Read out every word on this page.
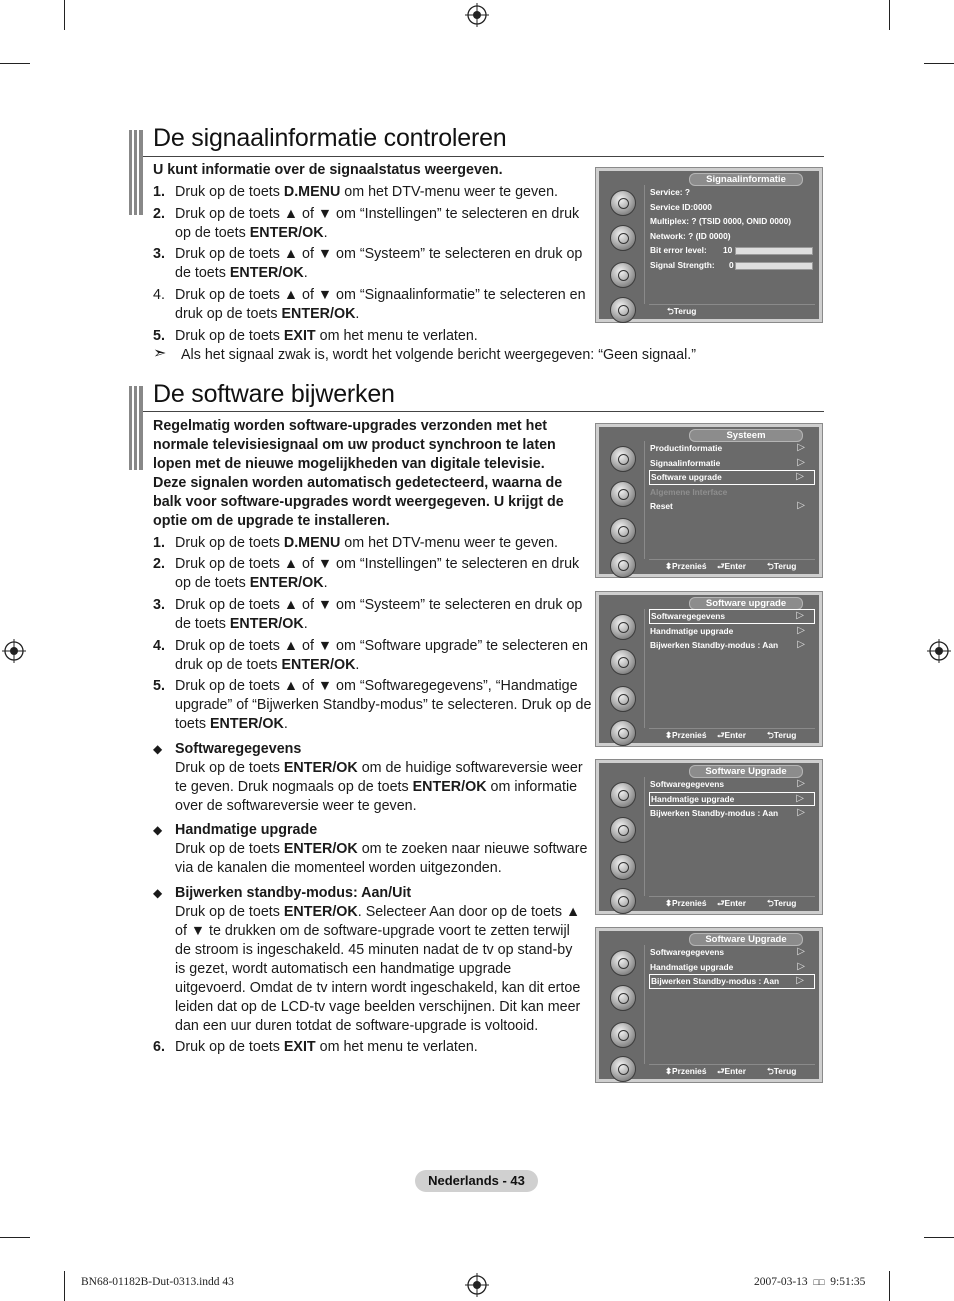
De signaalinformatie controleren

U kunt informatie over de signaalstatus weergeven.

1. Druk op de toets D.MENU om het DTV-menu weer te geven.
2. Druk op de toets ▲ of ▼ om “Instellingen” te selecteren en druk op de toets ENTER/OK.
3. Druk op de toets ▲ of ▼ om “Systeem” te selecteren en druk op de toets ENTER/OK.
4. Druk op de toets ▲ of ▼ om “Signaalinformatie” te selecteren en druk op de toets ENTER/OK.
5. Druk op de toets EXIT om het menu te verlaten.
➣ Als het signaal zwak is, wordt het volgende bericht weergegeven: “Geen signaal.”
Signaalinformatie
Service: ?
Service ID:0000
Multiplex: ? (TSID 0000, ONID 0000)
Network: ? (ID 0000)
Bit error level: 10
Signal Strength: 0
⮌ Terug
De software bijwerken

Regelmatig worden software-upgrades verzonden met het normale televisiesignaal om uw product synchroon te laten lopen met de nieuwe mogelijkheden van digitale televisie. Deze signalen worden automatisch gedetecteerd, waarna de balk voor software-upgrades wordt weergegeven. U krijgt de optie om de upgrade te installeren.

1. Druk op de toets D.MENU om het DTV-menu weer te geven.
2. Druk op de toets ▲ of ▼ om “Instellingen” te selecteren en druk op de toets ENTER/OK.
3. Druk op de toets ▲ of ▼ om “Systeem” te selecteren en druk op de toets ENTER/OK.
4. Druk op de toets ▲ of ▼ om “Software upgrade” te selecteren en druk op de toets ENTER/OK.
5. Druk op de toets ▲ of ▼ om “Softwaregegevens”, “Handmatige upgrade” of “Bijwerken Standby-modus” te selecteren. Druk op de toets ENTER/OK.
6. Druk op de toets EXIT om het menu te verlaten.
◆ Softwaregegevens
Druk op de toets ENTER/OK om de huidige softwareversie weer te geven. Druk nogmaals op de toets ENTER/OK om informatie over de softwareversie weer te geven.
◆ Handmatige upgrade
Druk op de toets ENTER/OK om te zoeken naar nieuwe software via de kanalen die momenteel worden uitgezonden.
◆ Bijwerken standby-modus: Aan/Uit
Druk op de toets ENTER/OK. Selecteer Aan door op de toets ▲ of ▼ te drukken om de software-upgrade voort te zetten terwijl de stroom is ingeschakeld. 45 minuten nadat de tv op stand-by is gezet, wordt automatisch een handmatige upgrade uitgevoerd. Omdat de tv intern wordt ingeschakeld, kan dit ertoe leiden dat op de LCD-tv vage beelden verschijnen. Dit kan meer dan een uur duren totdat de software-upgrade is voltooid.
Systeem
Productinformatie	▷
Signaalinformatie	▷
Software upgrade	▷
Algemene Interface
Reset	▷
⬍ Przenieś ⮐ Enter	⮌ Terug
Software upgrade
Softwaregegevens	▷
Handmatige upgrade	▷
Bijwerken Standby-modus : Aan ▷
⬍ Przenieś ⮐ Enter	⮌ Terug
Software Upgrade
Softwaregegevens	▷
Handmatige upgrade	▷
Bijwerken Standby-modus : Aan ▷
⬍ Przenieś ⮐ Enter	⮌ Terug
Software Upgrade
Softwaregegevens	▷
Handmatige upgrade	▷
Bijwerken Standby-modus : Aan ▷
⬍ Przenieś ⮐ Enter	⮌ Terug
Nederlands - 43
BN68-01182B-Dut-0313.indd 43	2007-03-13 □□ 9:51:35
